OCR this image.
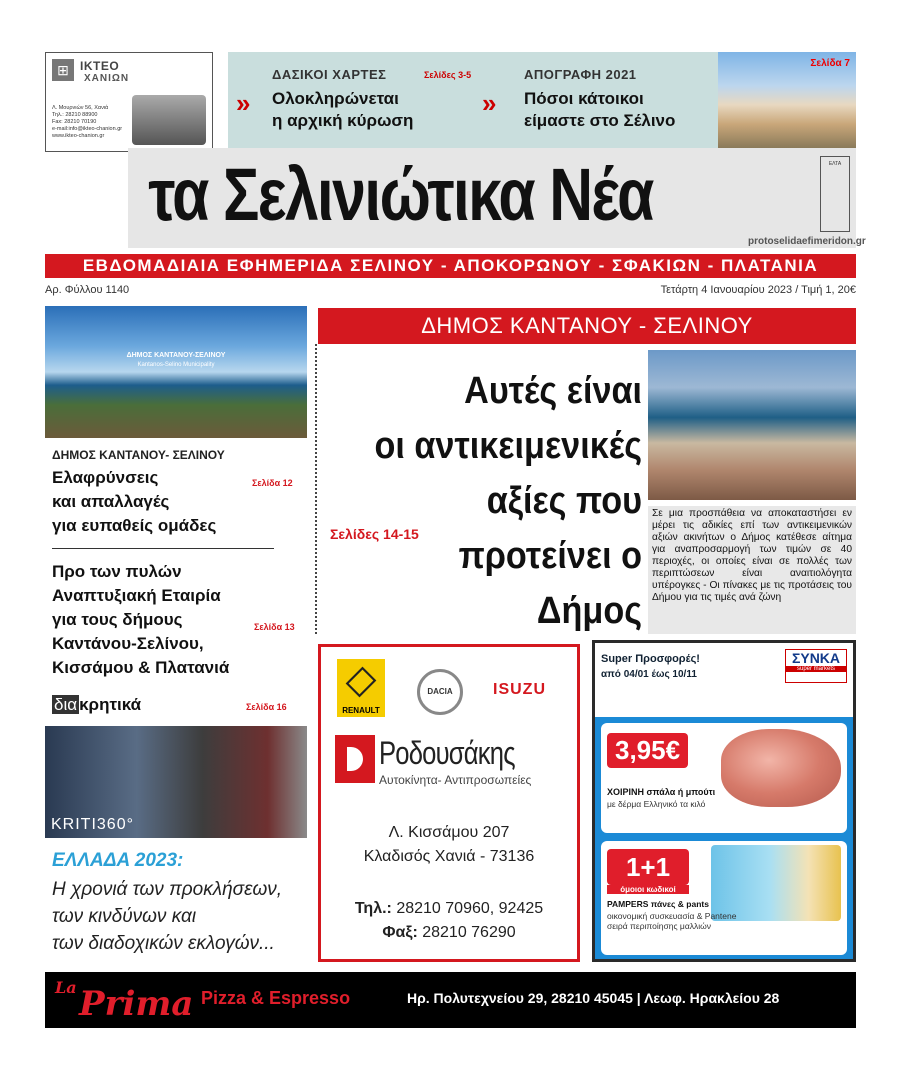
⊞ ΙΚΤΕΟ
ΧΑΝΙΩΝ
Λ. Μουρνιών 56, Χανιά
Τηλ.: 28210 88900
Fax: 28210 70190
e-mail:info@ikteo-chanion.gr
www.ikteo-chanion.gr
»
ΔΑΣΙΚΟΙ ΧΑΡΤΕΣ	Σελίδες 3-5
Ολοκληρώνεται
η αρχική κύρωση
»
ΑΠΟΓΡΑΦΗ 2021
Πόσοι κάτοικοι
είμαστε στο Σέλινο
Σελίδα 7
τα Σελινιώτικα Νέα	ΕΛΤΑ
protoselidaefimeridon.gr
ΕΒΔΟΜΑΔΙΑΙΑ ΕΦΗΜΕΡΙΔΑ ΣΕΛΙΝΟΥ - ΑΠΟΚΟΡΩΝΟΥ - ΣΦΑΚΙΩΝ - ΠΛΑΤΑΝΙΑ
Αρ. Φύλλου 1140	Τετάρτη 4 Ιανουαρίου 2023 / Τιμή 1, 20€
ΔΗΜΟΣ ΚΑΝΤΑΝΟΥ-ΣΕΛΙΝΟΥ
Kantanos-Selino Municipality
ΔΗΜΟΣ ΚΑΝΤΑΝΟΥ- ΣΕΛΙΝΟΥ
Ελαφρύνσεις
και απαλλαγές
για ευπαθείς ομάδες
Σελίδα 12
Προ των πυλών
Αναπτυξιακή Εταιρία
για τους δήμους
Καντάνου-Σελίνου,
Κισσάμου & Πλατανιά
Σελίδα 13
δια κρητικά	Σελίδα 16
KRITI360°
ΕΛΛΑΔΑ 2023:
Η χρονιά των προκλήσεων,
των κινδύνων και
των διαδοχικών εκλογών...
ΔΗΜΟΣ ΚΑΝΤΑΝΟΥ - ΣΕΛΙΝΟΥ
Αυτές είναι
οι αντικειμενικές
αξίες που
προτείνει ο Δήμος
Σελίδες 14-15
Σε μια προσπάθεια να αποκαταστήσει εν μέρει τις αδικίες επί των αντικειμενικών αξιών ακινήτων ο Δήμος κατέθεσε αίτημα για αναπροσαρμογή των τιμών σε 40 περιοχές, οι οποίες είναι σε πολλές των περιπτώσεων είναι αναιτιολόγητα υπέρογκες - Οι πίνακες με τις προτάσεις του Δήμου για τις τιμές ανά ζώνη
RENAULT
DACIA	ISUZU
Ροδουσάκης
Αυτοκίνητα- Αντιπροσωπείες
Λ. Κισσάμου 207
Κλαδισός Χανιά - 73136
Τηλ.: 28210 70960, 92425
Φαξ: 28210 76290
Super Προσφορές!
από 04/01 έως 10/11
ΣΥΝΚΑ
super markets
3,95€
ΧΟΙΡΙΝΗ σπάλα ή μπούτι
με δέρμα Ελληνικό τα κιλό
1+1
όμοιοι κωδικοί
PAMPERS πάνες & pants
οικονομική συσκευασία & Pantene σειρά περιποίησης μαλλιών
La Prima Pizza & Espresso	Ηρ. Πολυτεχνείου 29, 28210 45045 | Λεωφ. Ηρακλείου 28
